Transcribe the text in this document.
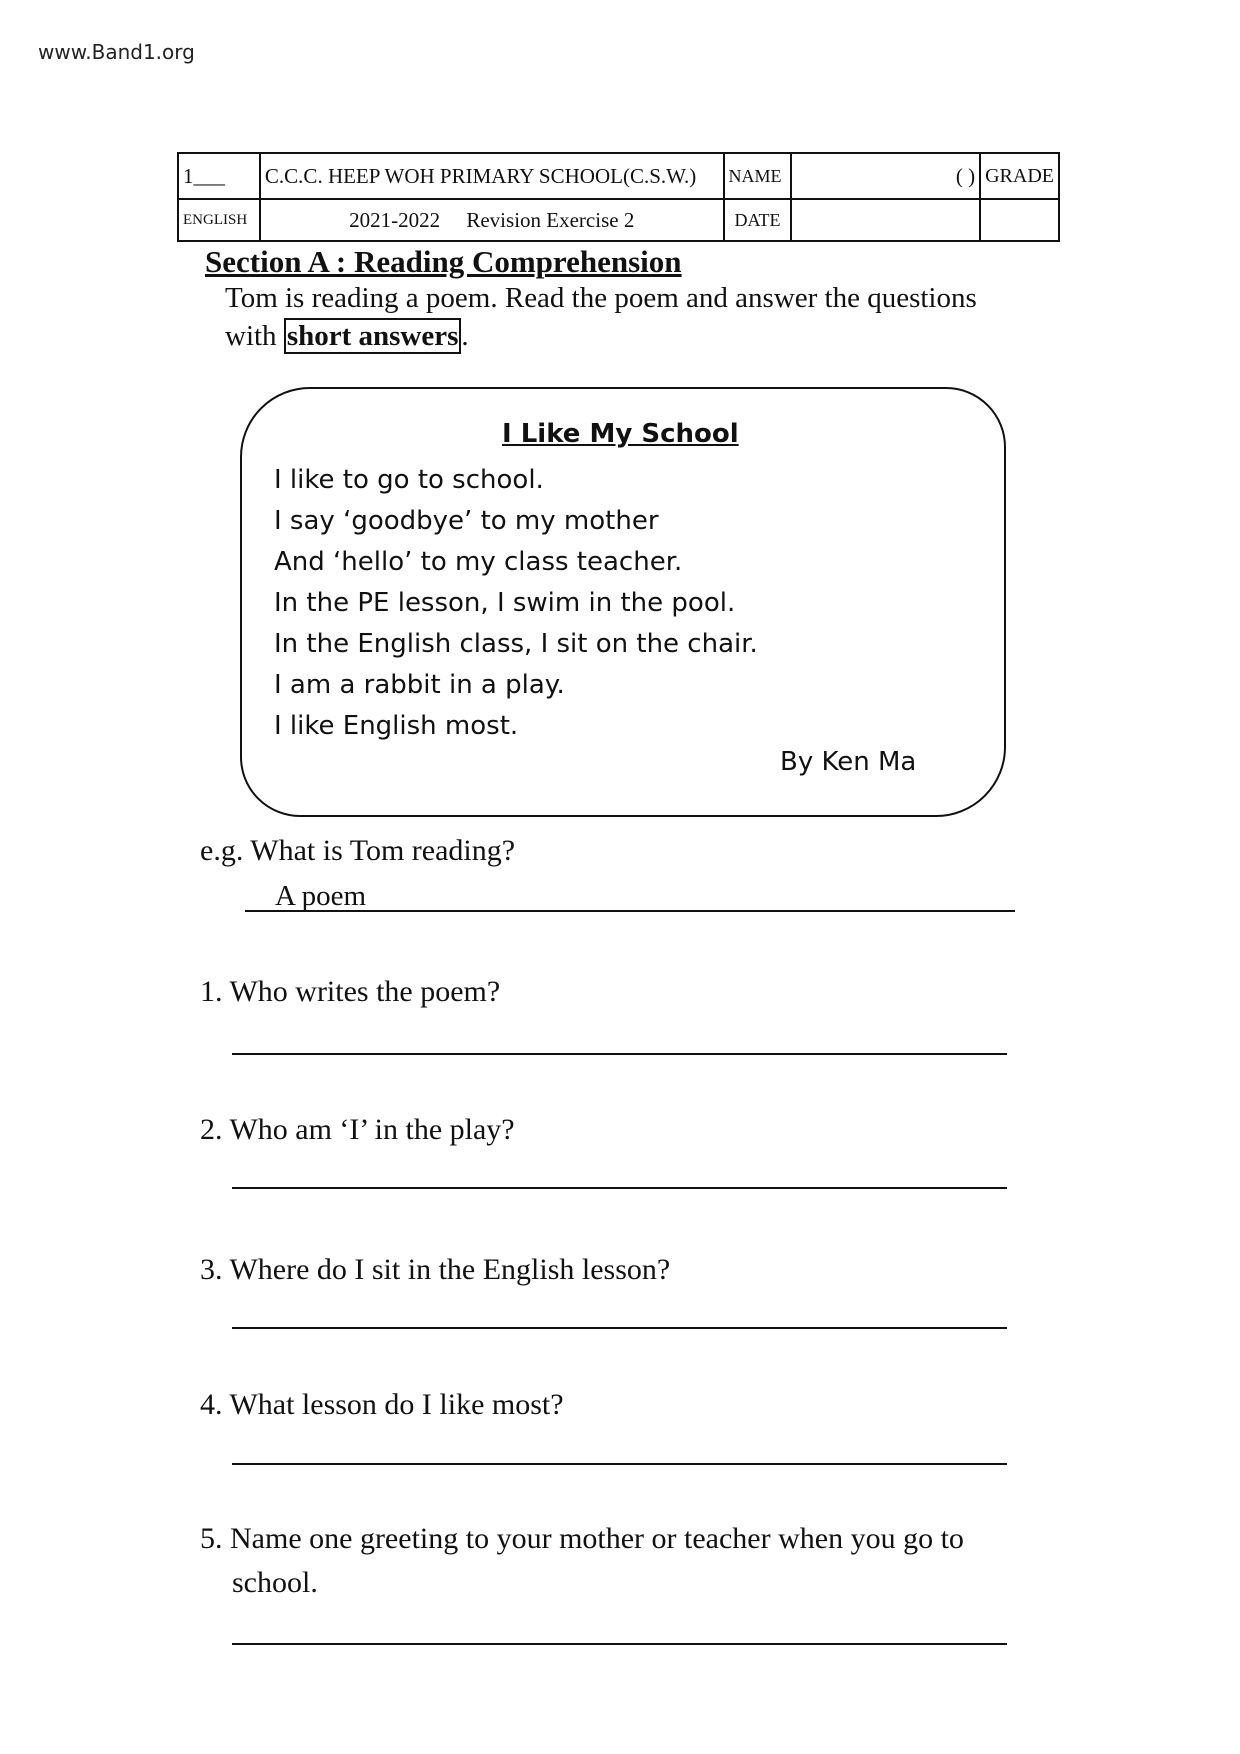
www.Band1.org
1___	C.C.C. HEEP WOH PRIMARY SCHOOL(C.S.W.)	NAME	( )	GRADE
ENGLISH	2021-2022 Revision Exercise 2	DATE		
Section A : Reading Comprehension
Tom is reading a poem. Read the poem and answer the questions
with short answers .
I Like My School
I like to go to school.
I say ‘goodbye’ to my mother
And ‘hello’ to my class teacher.
In the PE lesson, I swim in the pool.
In the English class, I sit on the chair.
I am a rabbit in a play.
I like English most.
By Ken Ma
e.g. What is Tom reading?
A poem
1. Who writes the poem?
2. Who am ‘I’ in the play?
3. Where do I sit in the English lesson?
4. What lesson do I like most?
5. Name one greeting to your mother or teacher when you go to
school.
